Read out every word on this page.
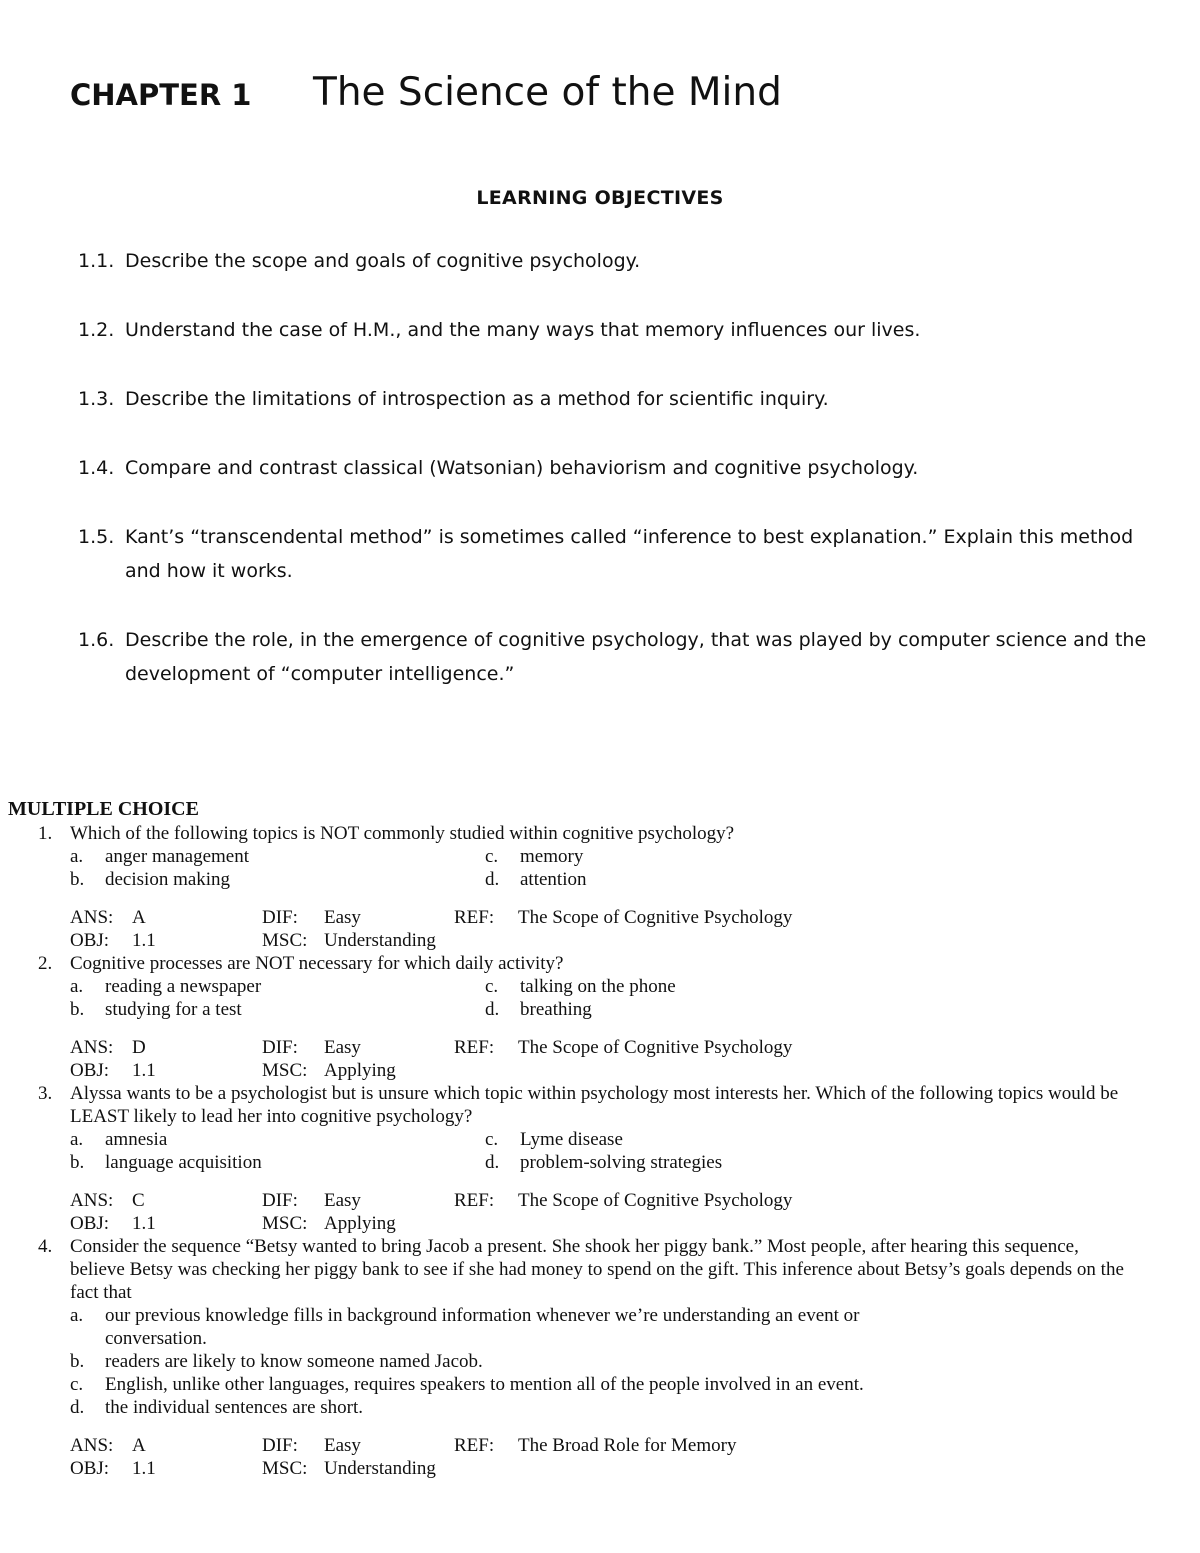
CHAPTER 1 The Science of the Mind
LEARNING OBJECTIVES
1.1. Describe the scope and goals of cognitive psychology.
1.2. Understand the case of H.M., and the many ways that memory influences our lives.
1.3. Describe the limitations of introspection as a method for scientific inquiry.
1.4. Compare and contrast classical (Watsonian) behaviorism and cognitive psychology.
1.5. Kant’s “transcendental method” is sometimes called “inference to best explanation.” Explain this method and how it works.
1.6. Describe the role, in the emergence of cognitive psychology, that was played by computer science and the development of “computer intelligence.”
MULTIPLE CHOICE
1. Which of the following topics is NOT commonly studied within cognitive psychology?
a.	anger management	c.	memory
b.	decision making	d.	attention
ANS: A	DIF:	Easy	REF:	The Scope of Cognitive Psychology
OBJ:	1.1	MSC: Understanding
2. Cognitive processes are NOT necessary for which daily activity?
a.	reading a newspaper	c.	talking on the phone
b.	studying for a test	d.	breathing
ANS: D	DIF:	Easy	REF:	The Scope of Cognitive Psychology
OBJ:	1.1	MSC: Applying
3. Alyssa wants to be a psychologist but is unsure which topic within psychology most interests her. Which of the following topics would be LEAST likely to lead her into cognitive psychology?
a.	amnesia	c.	Lyme disease
b.	language acquisition	d.	problem-solving strategies
ANS: C	DIF:	Easy	REF:	The Scope of Cognitive Psychology
OBJ:	1.1	MSC: Applying
4. Consider the sequence “Betsy wanted to bring Jacob a present. She shook her piggy bank.” Most people, after hearing this sequence, believe Betsy was checking her piggy bank to see if she had money to spend on the gift. This inference about Betsy’s goals depends on the fact that
a.	our previous knowledge fills in background information whenever we’re understanding an event or conversation.
b.	readers are likely to know someone named Jacob.
c.	English, unlike other languages, requires speakers to mention all of the people involved in an event.
d.	the individual sentences are short.
ANS: A	DIF:	Easy	REF:	The Broad Role for Memory
OBJ:	1.1	MSC: Understanding
